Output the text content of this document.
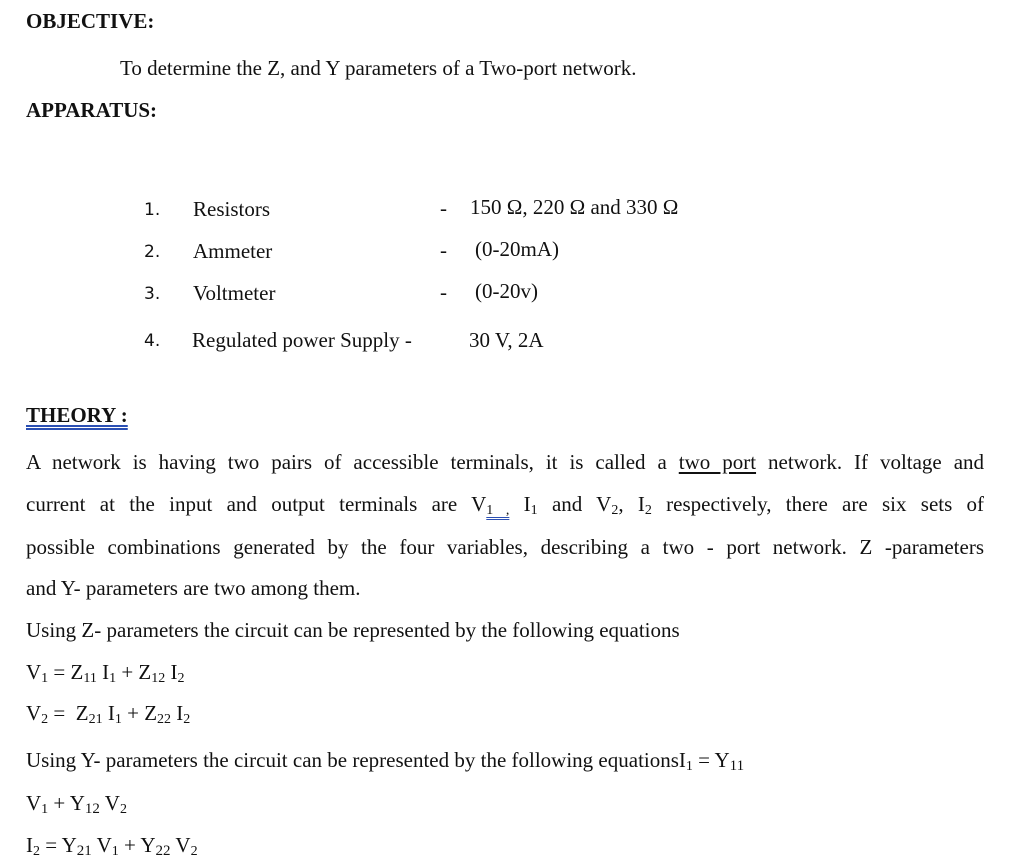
OBJECTIVE:
To determine the Z, and Y parameters of a Two-port network.
APPARATUS:
1. Resistors	- 150 Ω, 220 Ω and 330 Ω
2. Ammeter	- (0-20mA)
3. Voltmeter	- (0-20v)
4. Regulated power Supply -	30 V, 2A
THEORY :
A network is having two pairs of accessible terminals, it is called a two port network. If voltage and
current at the input and output terminals are $V_{1 ,}$ $I_1$ and $V_2$, $I_2$ respectively, there are six sets of
possible combinations generated by the four variables, describing a two - port network. Z -parameters
and Y- parameters are two among them.
Using Z- parameters the circuit can be represented by the following equations
$V_1 = Z_{11}$ $I_1 + Z_{12}$ $I_2$
$V_2 = Z_{21}$ $I_1 + Z_{22}$ $I_2$
Using Y- parameters the circuit can be represented by the following equationsI$_1$ = $Y_{11}$
$V_1 + Y_{12}$ $V_2$
$I_2 = Y_{21}$ $V_1 + Y_{22}$ $V_2$
